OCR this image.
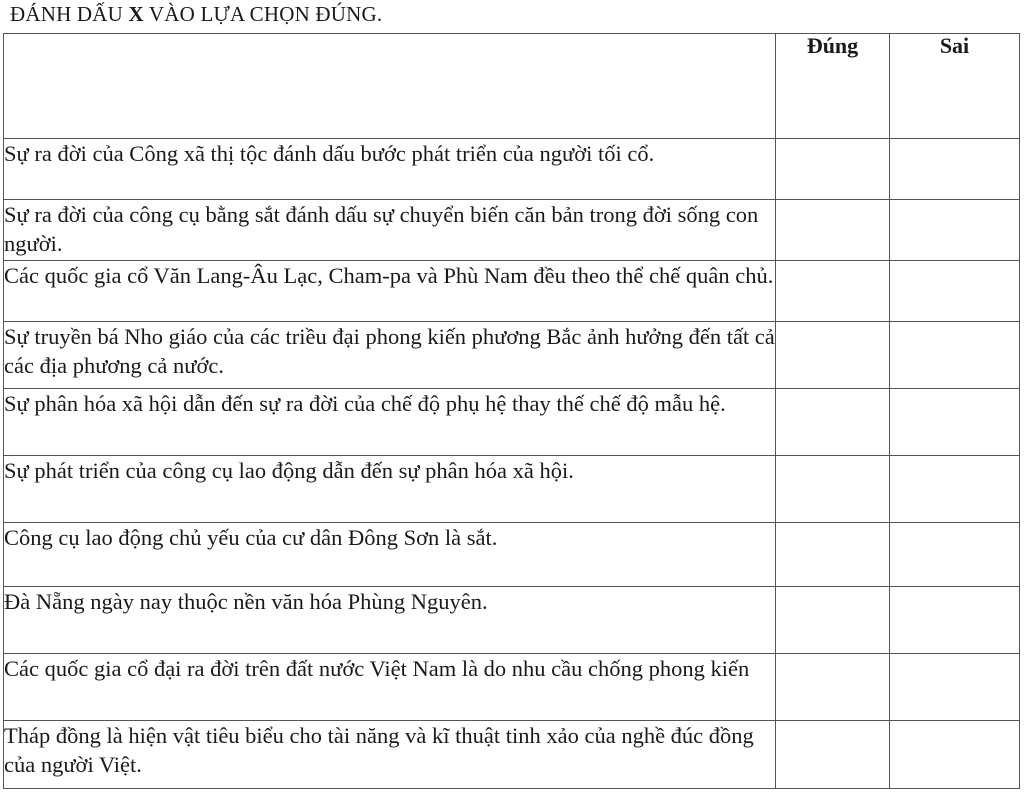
ĐÁNH DẤU X VÀO LỰA CHỌN ĐÚNG.
	Đúng	Sai
Sự ra đời của Công xã thị tộc đánh dấu bước phát triển của người tối cổ.		
Sự ra đời của công cụ bằng sắt đánh dấu sự chuyển biến căn bản trong đời sống con người.		
Các quốc gia cổ Văn Lang-Âu Lạc, Cham-pa và Phù Nam đều theo thể chế quân chủ.		
Sự truyền bá Nho giáo của các triều đại phong kiến phương Bắc ảnh hưởng đến tất cả các địa phương cả nước.		
Sự phân hóa xã hội dẫn đến sự ra đời của chế độ phụ hệ thay thế chế độ mẫu hệ.		
Sự phát triển của công cụ lao động dẫn đến sự phân hóa xã hội.		
Công cụ lao động chủ yếu của cư dân Đông Sơn là sắt.		
Đà Nẵng ngày nay thuộc nền văn hóa Phùng Nguyên.		
Các quốc gia cổ đại ra đời trên đất nước Việt Nam là do nhu cầu chống phong kiến		
Tháp đồng là hiện vật tiêu biểu cho tài năng và kĩ thuật tinh xảo của nghề đúc đồng của người Việt.		
